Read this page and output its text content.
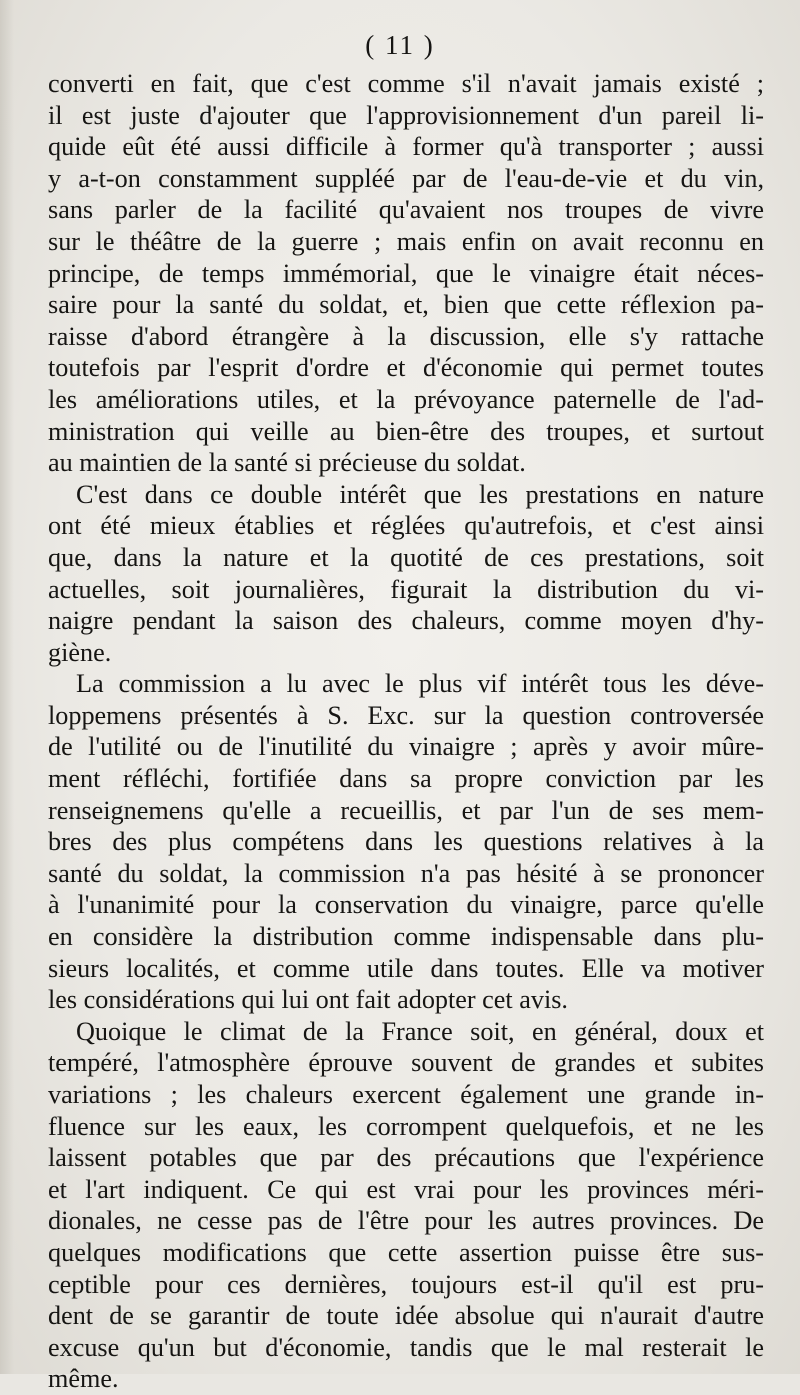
( 11 )
converti en fait, que c'est comme s'il n'avait jamais existé ;
il est juste d'ajouter que l'approvisionnement d'un pareil li-
quide eût été aussi difficile à former qu'à transporter ; aussi
y a-t-on constamment suppléé par de l'eau-de-vie et du vin,
sans parler de la facilité qu'avaient nos troupes de vivre
sur le théâtre de la guerre ; mais enfin on avait reconnu en
principe, de temps immémorial, que le vinaigre était néces-
saire pour la santé du soldat, et, bien que cette réflexion pa-
raisse d'abord étrangère à la discussion, elle s'y rattache
toutefois par l'esprit d'ordre et d'économie qui permet toutes
les améliorations utiles, et la prévoyance paternelle de l'ad-
ministration qui veille au bien-être des troupes, et surtout
au maintien de la santé si précieuse du soldat.
C'est dans ce double intérêt que les prestations en nature
ont été mieux établies et réglées qu'autrefois, et c'est ainsi
que, dans la nature et la quotité de ces prestations, soit
actuelles, soit journalières, figurait la distribution du vi-
naigre pendant la saison des chaleurs, comme moyen d'hy-
giène.
La commission a lu avec le plus vif intérêt tous les déve-
loppemens présentés à S. Exc. sur la question controversée
de l'utilité ou de l'inutilité du vinaigre ; après y avoir mûre-
ment réfléchi, fortifiée dans sa propre conviction par les
renseignemens qu'elle a recueillis, et par l'un de ses mem-
bres des plus compétens dans les questions relatives à la
santé du soldat, la commission n'a pas hésité à se prononcer
à l'unanimité pour la conservation du vinaigre, parce qu'elle
en considère la distribution comme indispensable dans plu-
sieurs localités, et comme utile dans toutes. Elle va motiver
les considérations qui lui ont fait adopter cet avis.
Quoique le climat de la France soit, en général, doux et
tempéré, l'atmosphère éprouve souvent de grandes et subites
variations ; les chaleurs exercent également une grande in-
fluence sur les eaux, les corrompent quelquefois, et ne les
laissent potables que par des précautions que l'expérience
et l'art indiquent. Ce qui est vrai pour les provinces méri-
dionales, ne cesse pas de l'être pour les autres provinces. De
quelques modifications que cette assertion puisse être sus-
ceptible pour ces dernières, toujours est-il qu'il est pru-
dent de se garantir de toute idée absolue qui n'aurait d'autre
excuse qu'un but d'économie, tandis que le mal resterait le
même.
